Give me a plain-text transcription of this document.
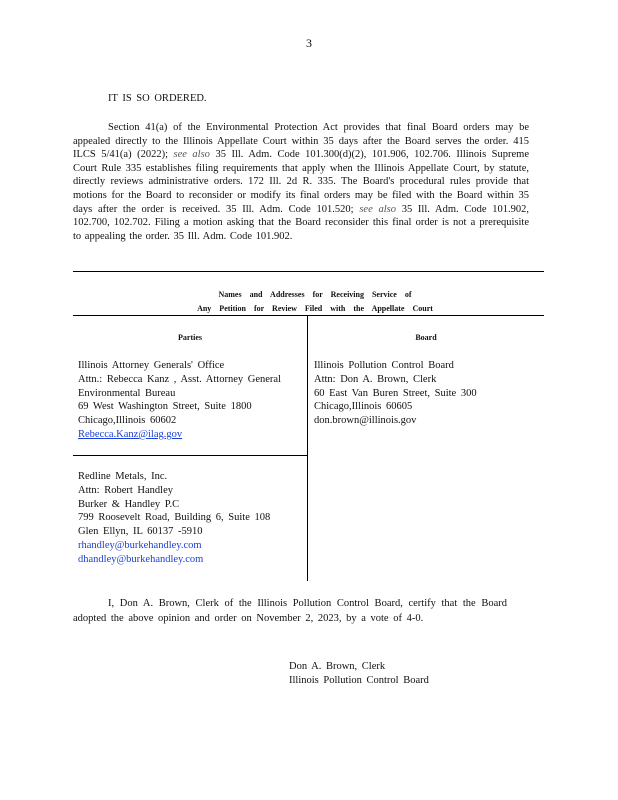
3
IT IS SO ORDERED.
Section 41(a) of the Environmental Protection Act provides that final Board orders may be appealed directly to the Illinois Appellate Court within 35 days after the Board serves the order. 415 ILCS 5/41(a) (2022); see also 35 Ill. Adm. Code 101.300(d)(2), 101.906, 102.706. Illinois Supreme Court Rule 335 establishes filing requirements that apply when the Illinois Appellate Court, by statute, directly reviews administrative orders. 172 Ill. 2d R. 335. The Board's procedural rules provide that motions for the Board to reconsider or modify its final orders may be filed with the Board within 35 days after the order is received. 35 Ill. Adm. Code 101.520; see also 35 Ill. Adm. Code 101.902, 102.700, 102.702. Filing a motion asking that the Board reconsider this final order is not a prerequisite to appealing the order. 35 Ill. Adm. Code 101.902.
Names and Addresses for Receiving Service of
Any Petition for Review Filed with the Appellate Court
Parties	Board
Illinois Attorney Generals' Office
Attn.: Rebecca Kanz , Asst. Attorney General
Environmental Bureau
69 West Washington Street, Suite 1800
Chicago,Illinois 60602
Rebecca.Kanz@ilag.gov
Redline Metals, Inc.
Attn: Robert Handley
Burker & Handley P.C
799 Roosevelt Road, Building 6, Suite 108
Glen Ellyn, IL 60137 -5910
rhandley@burkehandley.com
dhandley@burkehandley.com
Illinois Pollution Control Board
Attn: Don A. Brown, Clerk
60 East Van Buren Street, Suite 300
Chicago,Illinois 60605
don.brown@illinois.gov
I, Don A. Brown, Clerk of the Illinois Pollution Control Board, certify that the Board adopted the above opinion and order on November 2, 2023, by a vote of 4-0.
Don A. Brown, Clerk
Illinois Pollution Control Board
